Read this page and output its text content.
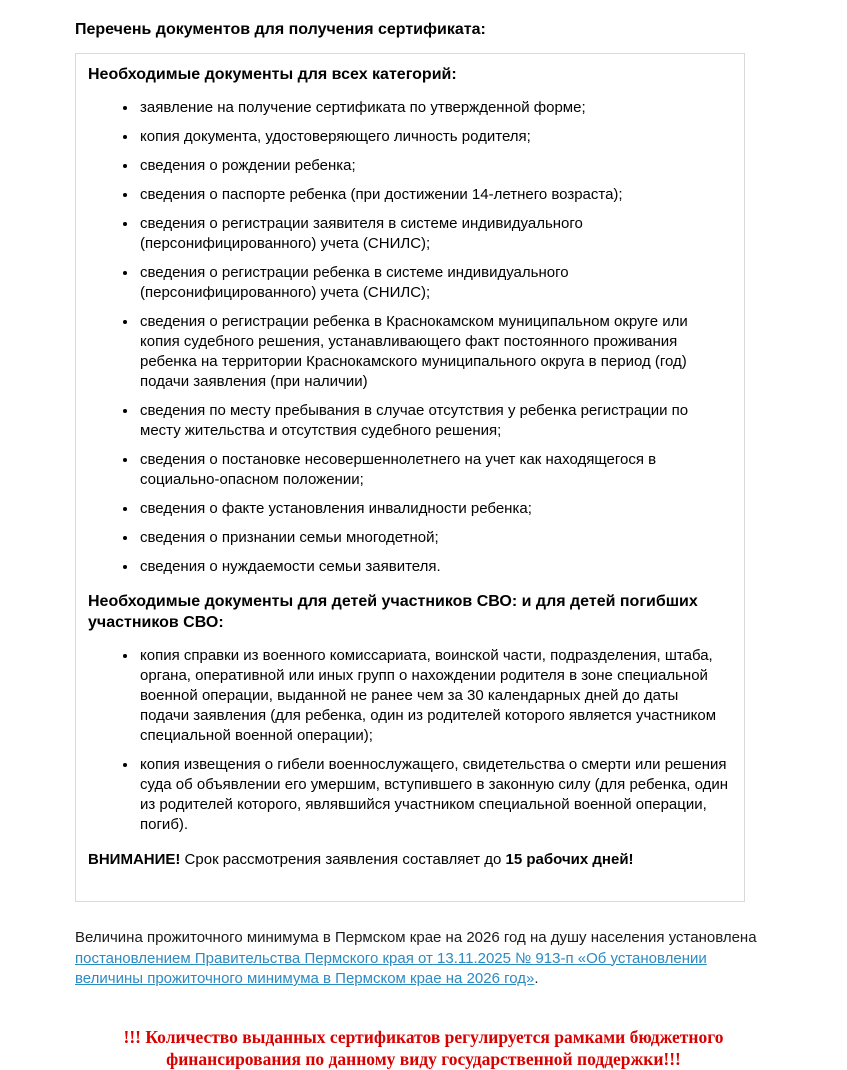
Перечень документов для получения сертификата:
Необходимые документы для всех категорий:
• заявление на получение сертификата по утвержденной форме;
• копия документа, удостоверяющего личность родителя;
• сведения о рождении ребенка;
• сведения о паспорте ребенка (при достижении 14-летнего возраста);
• сведения о регистрации заявителя в системе индивидуального (персонифицированного) учета (СНИЛС);
• сведения о регистрации ребенка в системе индивидуального (персонифицированного) учета (СНИЛС);
• сведения о регистрации ребенка в Краснокамском муниципальном округе или копия судебного решения, устанавливающего факт постоянного проживания ребенка на территории Краснокамского муниципального округа в период (год) подачи заявления (при наличии)
• сведения по месту пребывания в случае отсутствия у ребенка регистрации по месту жительства и отсутствия судебного решения;
• сведения о постановке несовершеннолетнего на учет как находящегося в социально-опасном положении;
• сведения о факте установления инвалидности ребенка;
• сведения о признании семьи многодетной;
• сведения о нуждаемости семьи заявителя.
Необходимые документы для детей участников СВО: и для детей погибших участников СВО:
• копия справки из военного комиссариата, воинской части, подразделения, штаба, органа, оперативной или иных групп о нахождении родителя в зоне специальной военной операции, выданной не ранее чем за 30 календарных дней до даты подачи заявления (для ребенка, один из родителей которого является участником специальной военной операции);
• копия извещения о гибели военнослужащего, свидетельства о смерти или решения суда об объявлении его умершим, вступившего в законную силу (для ребенка, один из родителей которого, являвшийся участником специальной военной операции, погиб).

ВНИМАНИЕ! Срок рассмотрения заявления составляет до 15 рабочих дней!

Величина прожиточного минимума в Пермском крае на 2026 год на душу населения установлена постановлением Правительства Пермского края от 13.11.2025 № 913-п «Об установлении величины прожиточного минимума в Пермском крае на 2026 год».

!!! Количество выданных сертификатов регулируется рамками бюджетного финансирования по данному виду государственной поддержки!!!
